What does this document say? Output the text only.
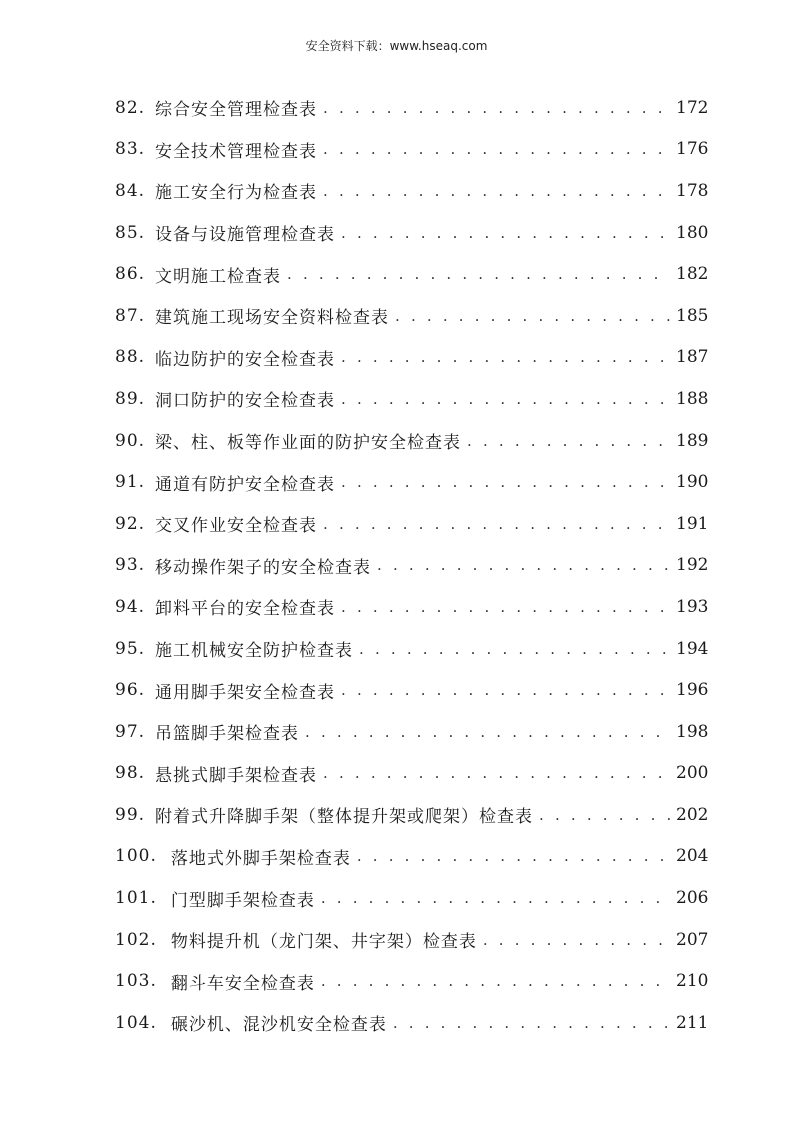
安全资料下载：www.hseaq.com
82. 综合安全管理检查表 . . .	172
83. 安全技术管理检查表 . . .	176
84. 施工安全行为检查表 . . .	178
85. 设备与设施管理检查表 . . .	180
86. 文明施工检查表 . . .	182
87. 建筑施工现场安全资料检查表 . . .	185
88. 临边防护的安全检查表 . . .	187
89. 洞口防护的安全检查表 . . .	188
90. 梁、柱、板等作业面的防护安全检查表 . . .	189
91. 通道有防护安全检查表 . . .	190
92. 交叉作业安全检查表 . . .	191
93. 移动操作架子的安全检查表 . . .	192
94. 卸料平台的安全检查表 . . .	193
95. 施工机械安全防护检查表 . . .	194
96. 通用脚手架安全检查表 . . .	196
97. 吊篮脚手架检查表 . . .	198
98. 悬挑式脚手架检查表 . . .	200
99. 附着式升降脚手架（整体提升架或爬架）检查表 . . .	202
100. 落地式外脚手架检查表 . . .	204
101. 门型脚手架检查表 . . .	206
102. 物料提升机（龙门架、井字架）检查表 . . .	207
103. 翻斗车安全检查表 . . .	210
104. 碾沙机、混沙机安全检查表 . . .	211
